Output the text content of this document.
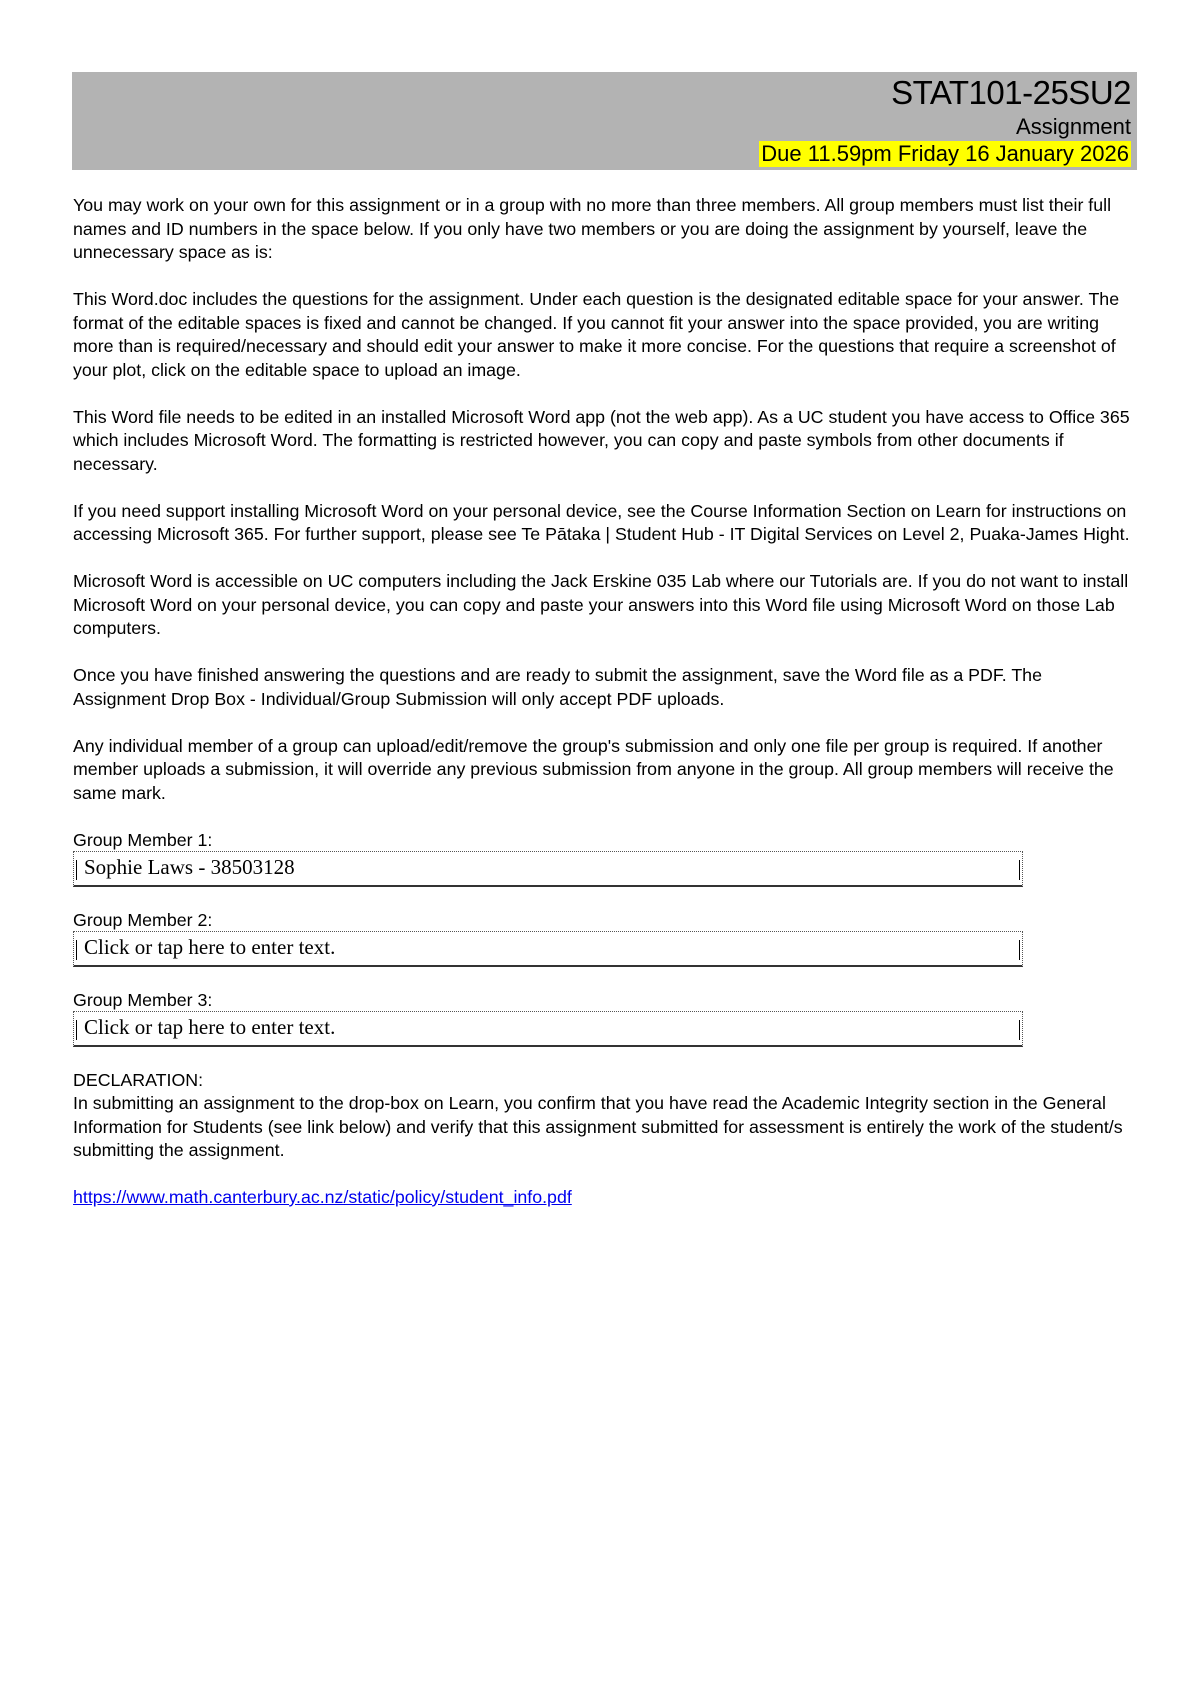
STAT101-25SU2
Assignment
Due 11.59pm Friday 16 January 2026

You may work on your own for this assignment or in a group with no more than three members. All group members must list their full names and ID numbers in the space below. If you only have two members or you are doing the assignment by yourself, leave the unnecessary space as is:

This Word.doc includes the questions for the assignment. Under each question is the designated editable space for your answer. The format of the editable spaces is fixed and cannot be changed. If you cannot fit your answer into the space provided, you are writing more than is required/necessary and should edit your answer to make it more concise. For the questions that require a screenshot of your plot, click on the editable space to upload an image.

This Word file needs to be edited in an installed Microsoft Word app (not the web app). As a UC student you have access to Office 365 which includes Microsoft Word. The formatting is restricted however, you can copy and paste symbols from other documents if necessary.

If you need support installing Microsoft Word on your personal device, see the Course Information Section on Learn for instructions on accessing Microsoft 365. For further support, please see Te Pātaka | Student Hub - IT Digital Services on Level 2, Puaka-James Hight.

Microsoft Word is accessible on UC computers including the Jack Erskine 035 Lab where our Tutorials are. If you do not want to install Microsoft Word on your personal device, you can copy and paste your answers into this Word file using Microsoft Word on those Lab computers.

Once you have finished answering the questions and are ready to submit the assignment, save the Word file as a PDF. The Assignment Drop Box - Individual/Group Submission will only accept PDF uploads.

Any individual member of a group can upload/edit/remove the group's submission and only one file per group is required. If another member uploads a submission, it will override any previous submission from anyone in the group. All group members will receive the same mark.

Group Member 1:
Sophie Laws - 38503128
Group Member 2:
Click or tap here to enter text.
Group Member 3:
Click or tap here to enter text.
DECLARATION:

In submitting an assignment to the drop-box on Learn, you confirm that you have read the Academic Integrity section in the General Information for Students (see link below) and verify that this assignment submitted for assessment is entirely the work of the student/s submitting the assignment.

https://www.math.canterbury.ac.nz/static/policy/student_info.pdf
